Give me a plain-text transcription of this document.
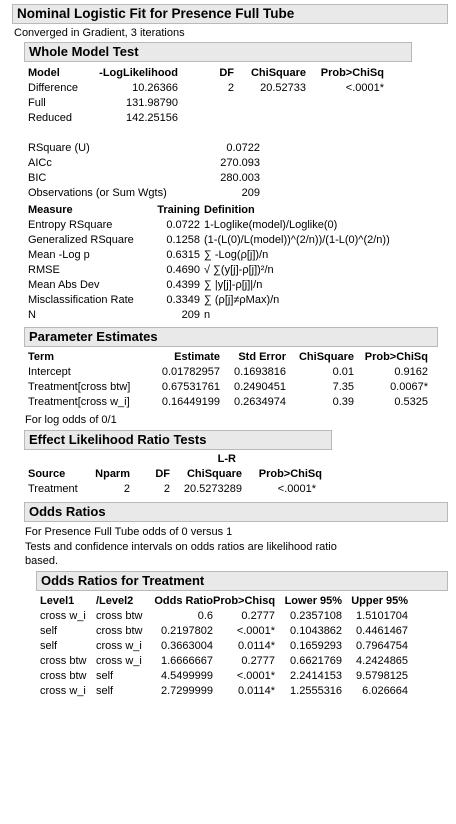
Nominal Logistic Fit for Presence Full Tube
Converged in Gradient, 3 iterations
Whole Model Test
Model	-LogLikelihood	DF	ChiSquare	Prob>ChiSq
Difference	10.26366	2	20.52733	<.0001*
Full	131.98790			
Reduced	142.25156			
RSquare (U)	0.0722
AICc	270.093
BIC	280.003
Observations (or Sum Wgts)	209
Measure	Training	Definition
Entropy RSquare	0.0722	1-Loglike(model)/Loglike(0)
Generalized RSquare	0.1258	(1-(L(0)/L(model))^(2/n))/(1-L(0)^(2/n))
Mean -Log p	0.6315	∑ -Log(ρ[j])/n
RMSE	0.4690	√ ∑(y[j]-ρ[j])²/n
Mean Abs Dev	0.4399	∑ |y[j]-ρ[j]|/n
Misclassification Rate	0.3349	∑ (ρ[j]≠ρMax)/n
N	209	n
Parameter Estimates
Term	Estimate	Std Error	ChiSquare	Prob>ChiSq
Intercept	0.01782957	0.1693816	0.01	0.9162
Treatment[cross btw]	0.67531761	0.2490451	7.35	0.0067*
Treatment[cross w_i]	0.16449199	0.2634974	0.39	0.5325
For log odds of 0/1
Effect Likelihood Ratio Tests
			L-R	
Source	Nparm	DF	ChiSquare	Prob>ChiSq
Treatment	2	2	20.5273289	<.0001*
Odds Ratios
For Presence Full Tube odds of 0 versus 1
Tests and confidence intervals on odds ratios are likelihood ratio
based.
Odds Ratios for Treatment
Level1	/Level2	Odds Ratio	Prob>Chisq	Lower 95%	Upper 95%
cross w_i	cross btw	0.6	0.2777	0.2357108	1.5101704
self	cross btw	0.2197802	<.0001*	0.1043862	0.4461467
self	cross w_i	0.3663004	0.0114*	0.1659293	0.7964754
cross btw	cross w_i	1.6666667	0.2777	0.6621769	4.2424865
cross btw	self	4.5499999	<.0001*	2.2414153	9.5798125
cross w_i	self	2.7299999	0.0114*	1.2555316	6.026664
